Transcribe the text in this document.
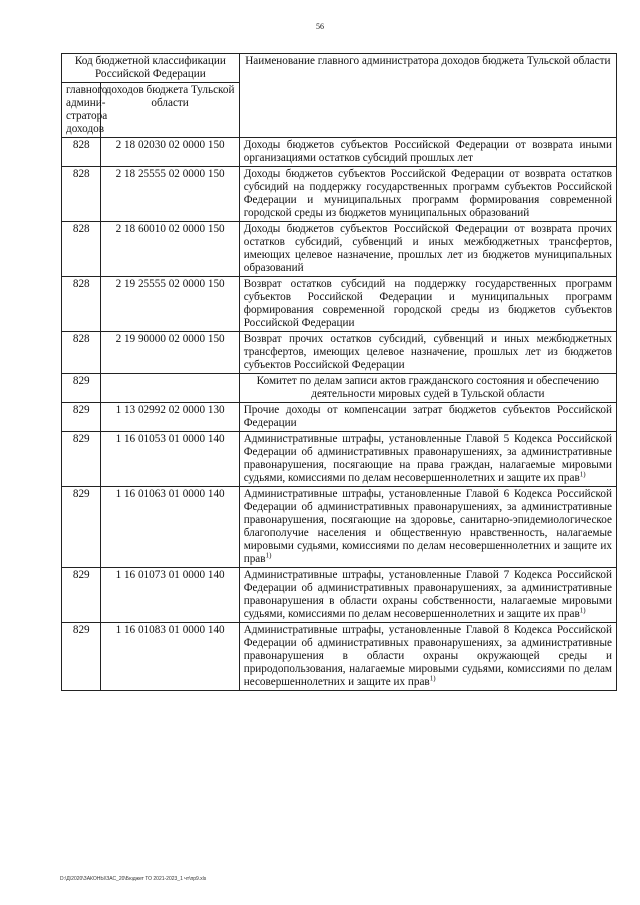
56
Код бюджетной классификации Российской Федерации		Наименование главного администратора доходов бюджета Тульской области
главного админи-стратора доходов	доходов бюджета Тульской области	
828	2 18 02030 02 0000 150	Доходы бюджетов субъектов Российской Федерации от возврата иными организациями остатков субсидий прошлых лет
828	2 18 25555 02 0000 150	Доходы бюджетов субъектов Российской Федерации от возврата остатков субсидий на поддержку государственных программ субъектов Российской Федерации и муниципальных программ формирования современной городской среды из бюджетов муниципальных образований
828	2 18 60010 02 0000 150	Доходы бюджетов субъектов Российской Федерации от возврата прочих остатков субсидий, субвенций и иных межбюджетных трансфертов, имеющих целевое назначение, прошлых лет из бюджетов муниципальных образований
828	2 19 25555 02 0000 150	Возврат остатков субсидий на поддержку государственных программ субъектов Российской Федерации и муниципальных программ формирования современной городской среды из бюджетов субъектов Российской Федерации
828	2 19 90000 02 0000 150	Возврат прочих остатков субсидий, субвенций и иных межбюджетных трансфертов, имеющих целевое назначение, прошлых лет из бюджетов субъектов Российской Федерации
829		Комитет по делам записи актов гражданского состояния и обеспечению деятельности мировых судей в Тульской области
829	1 13 02992 02 0000 130	Прочие доходы от компенсации затрат бюджетов субъектов Российской Федерации
829	1 16 01053 01 0000 140	Административные штрафы, установленные Главой 5 Кодекса Российской Федерации об административных правонарушениях, за административные правонарушения, посягающие на права граждан, налагаемые мировыми судьями, комиссиями по делам несовершеннолетних и защите их прав$^{1)}$
829	1 16 01063 01 0000 140	Административные штрафы, установленные Главой 6 Кодекса Российской Федерации об административных правонарушениях, за административные правонарушения, посягающие на здоровье, санитарно-эпидемиологическое благополучие населения и общественную нравственность, налагаемые мировыми судьями, комиссиями по делам несовершеннолетних и защите их прав$^{1)}$
829	1 16 01073 01 0000 140	Административные штрафы, установленные Главой 7 Кодекса Российской Федерации об административных правонарушениях, за административные правонарушения в области охраны собственности, налагаемые мировыми судьями, комиссиями по делам несовершеннолетних и защите их прав$^{1)}$
829	1 16 01083 01 0000 140	Административные штрафы, установленные Главой 8 Кодекса Российской Федерации об административных правонарушениях, за административные правонарушения в области охраны окружающей среды и природопользования, налагаемые мировыми судьями, комиссиями по делам несовершеннолетних и защите их прав$^{1)}$
D:\Д\2020\ЗАКОНЫ\ЗАС_20\Бюджет ТО 2021-2023_1 чт\пр9.xls
